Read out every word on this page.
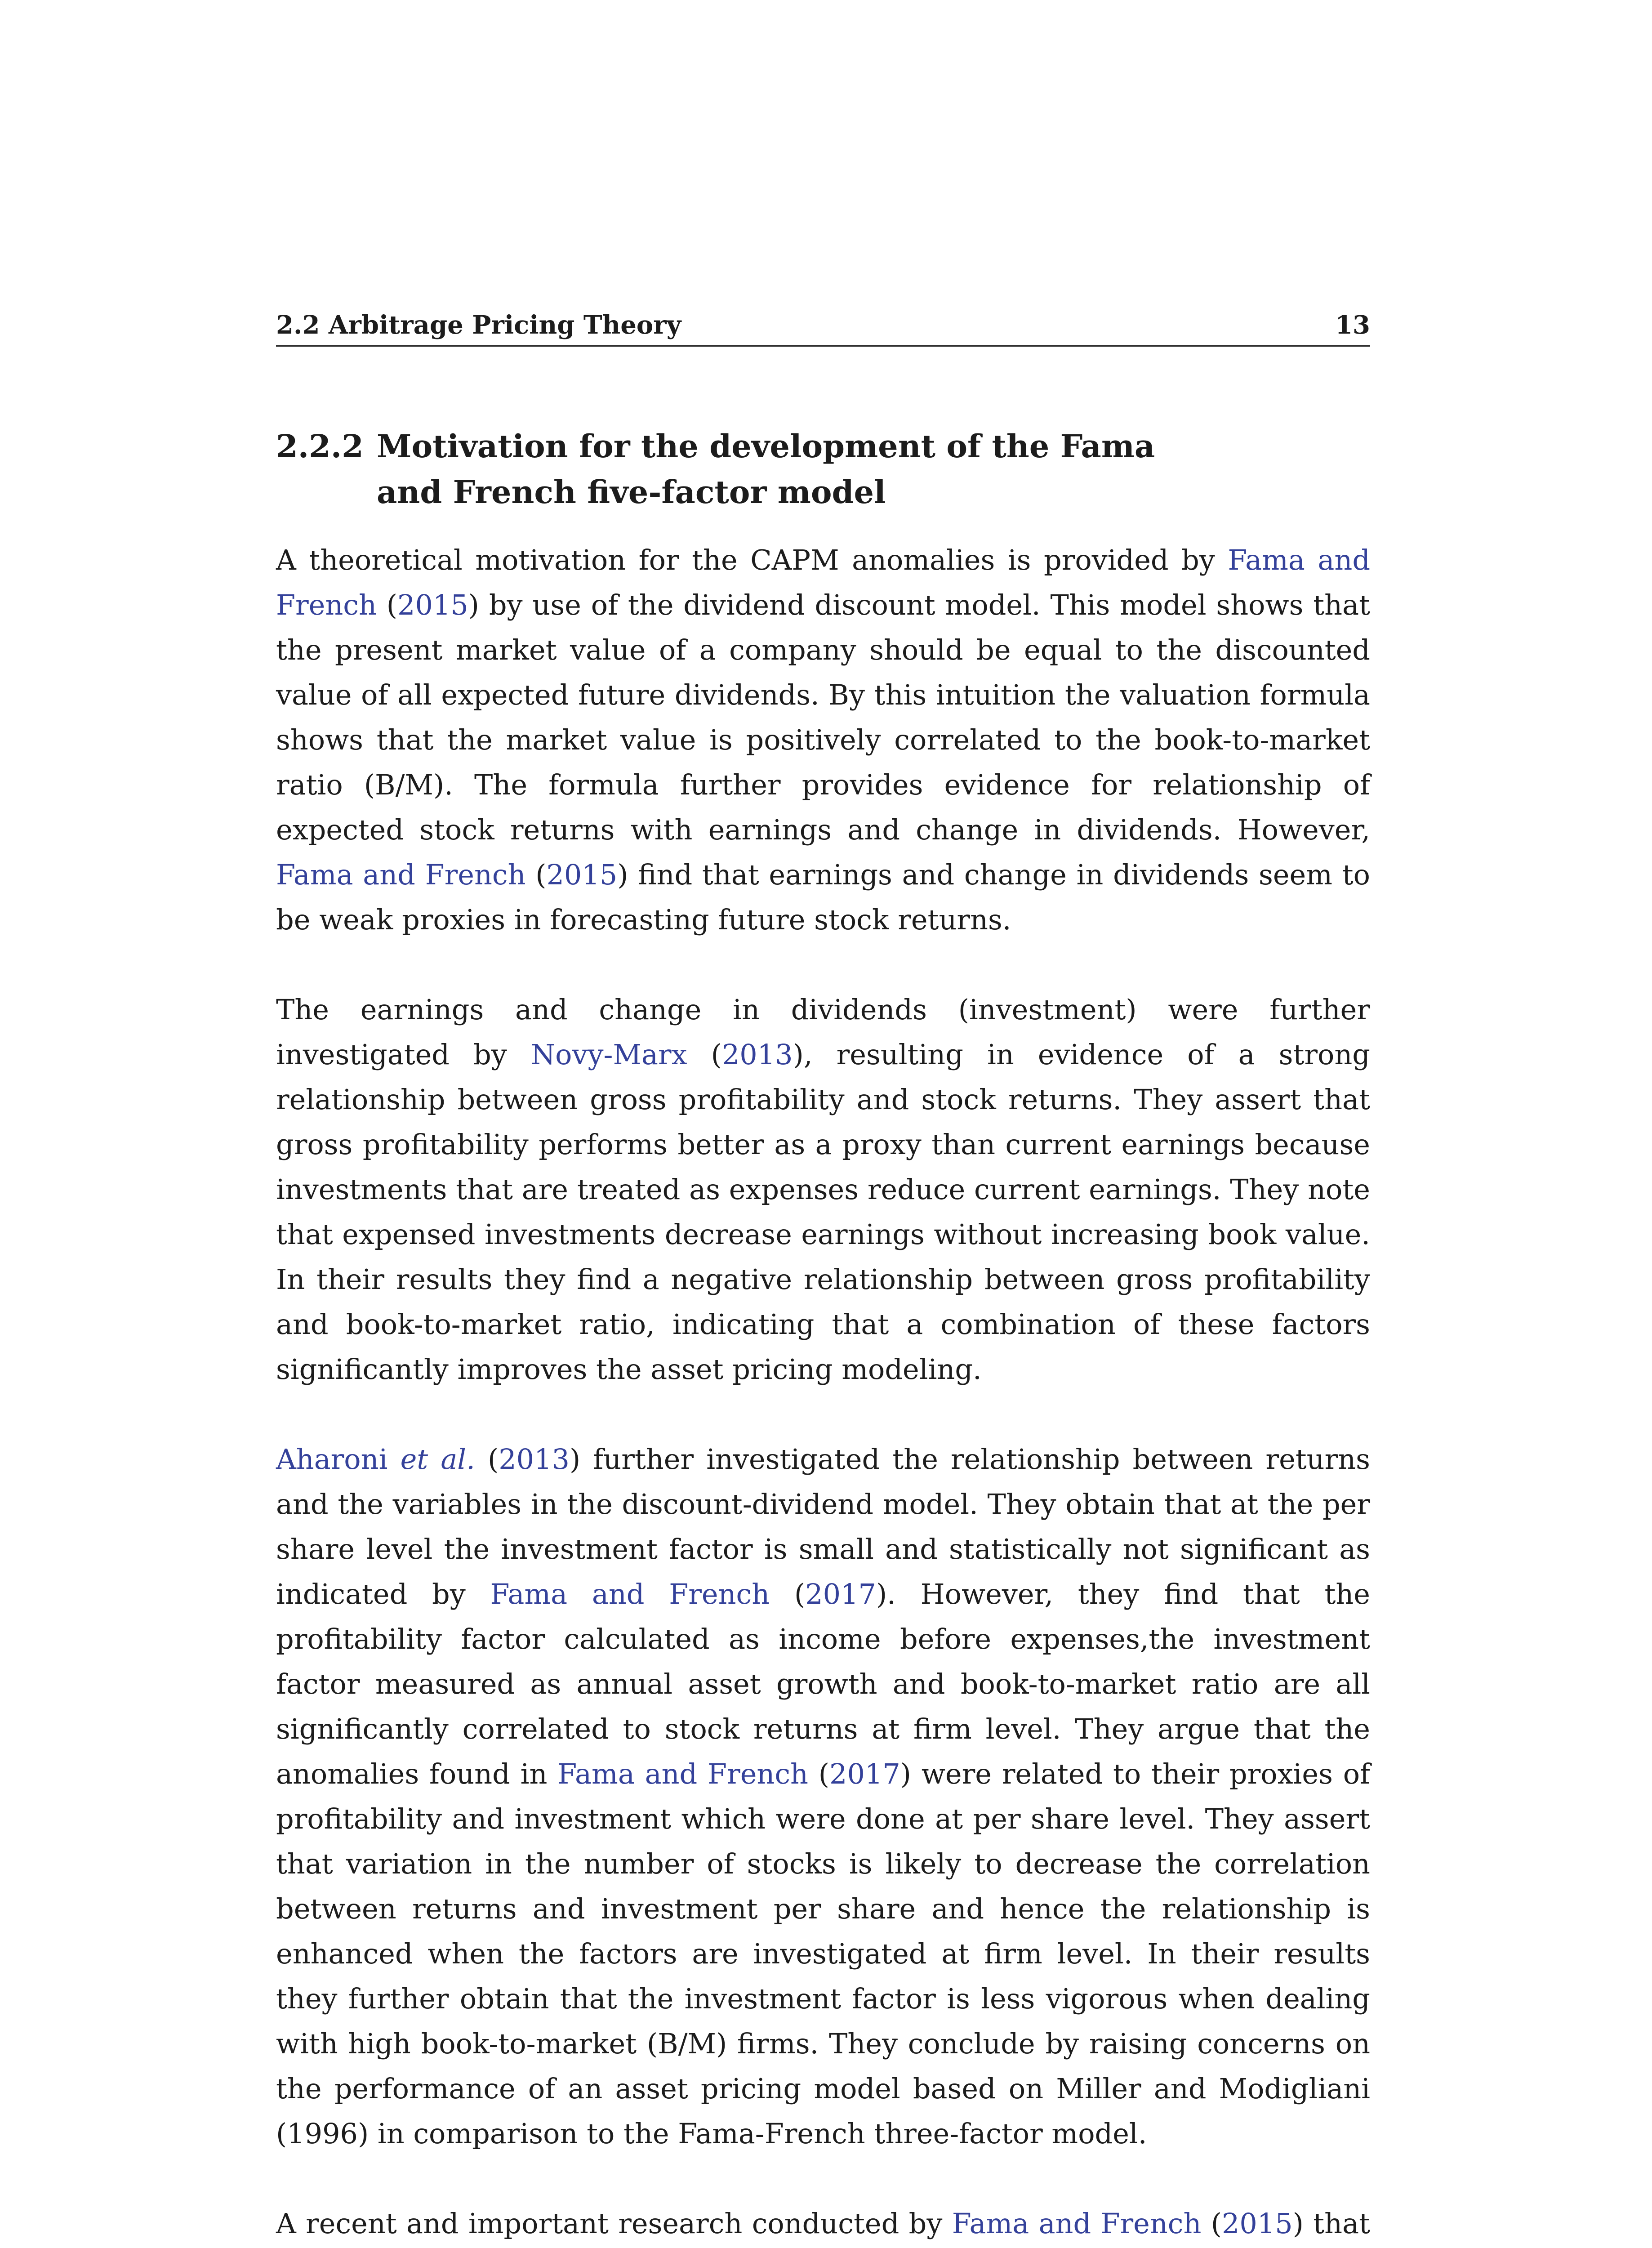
2.2 Arbitrage Pricing Theory	13
2.2.2 Motivation for the development of the Fama and French five-factor model

A theoretical motivation for the CAPM anomalies is provided by Fama and French (2015) by use of the dividend discount model. This model shows that the present market value of a company should be equal to the discounted value of all expected future dividends. By this intuition the valuation formula shows that the market value is positively correlated to the book-to-market ratio (B/M). The formula further provides evidence for relationship of expected stock returns with earnings and change in dividends. However, Fama and French (2015) find that earnings and change in dividends seem to be weak proxies in forecasting future stock returns.

The earnings and change in dividends (investment) were further investigated by Novy-Marx (2013), resulting in evidence of a strong relationship between gross profitability and stock returns. They assert that gross profitability performs better as a proxy than current earnings because investments that are treated as expenses reduce current earnings. They note that expensed investments decrease earnings without increasing book value. In their results they find a negative relationship between gross profitability and book-to-market ratio, indicating that a combination of these factors significantly improves the asset pricing modeling.

Aharoni et al. (2013) further investigated the relationship between returns and the variables in the discount-dividend model. They obtain that at the per share level the investment factor is small and statistically not significant as indicated by Fama and French (2017). However, they find that the profitability factor calculated as income before expenses,the investment factor measured as annual asset growth and book-to-market ratio are all significantly correlated to stock returns at firm level. They argue that the anomalies found in Fama and French (2017) were related to their proxies of profitability and investment which were done at per share level. They assert that variation in the number of stocks is likely to decrease the correlation between returns and investment per share and hence the relationship is enhanced when the factors are investigated at firm level. In their results they further obtain that the investment factor is less vigorous when dealing with high book-to-market (B/M) firms. They conclude by raising concerns on the performance of an asset pricing model based on Miller and Modigliani (1996) in comparison to the Fama-French three-factor model.

A recent and important research conducted by Fama and French (2015) that
